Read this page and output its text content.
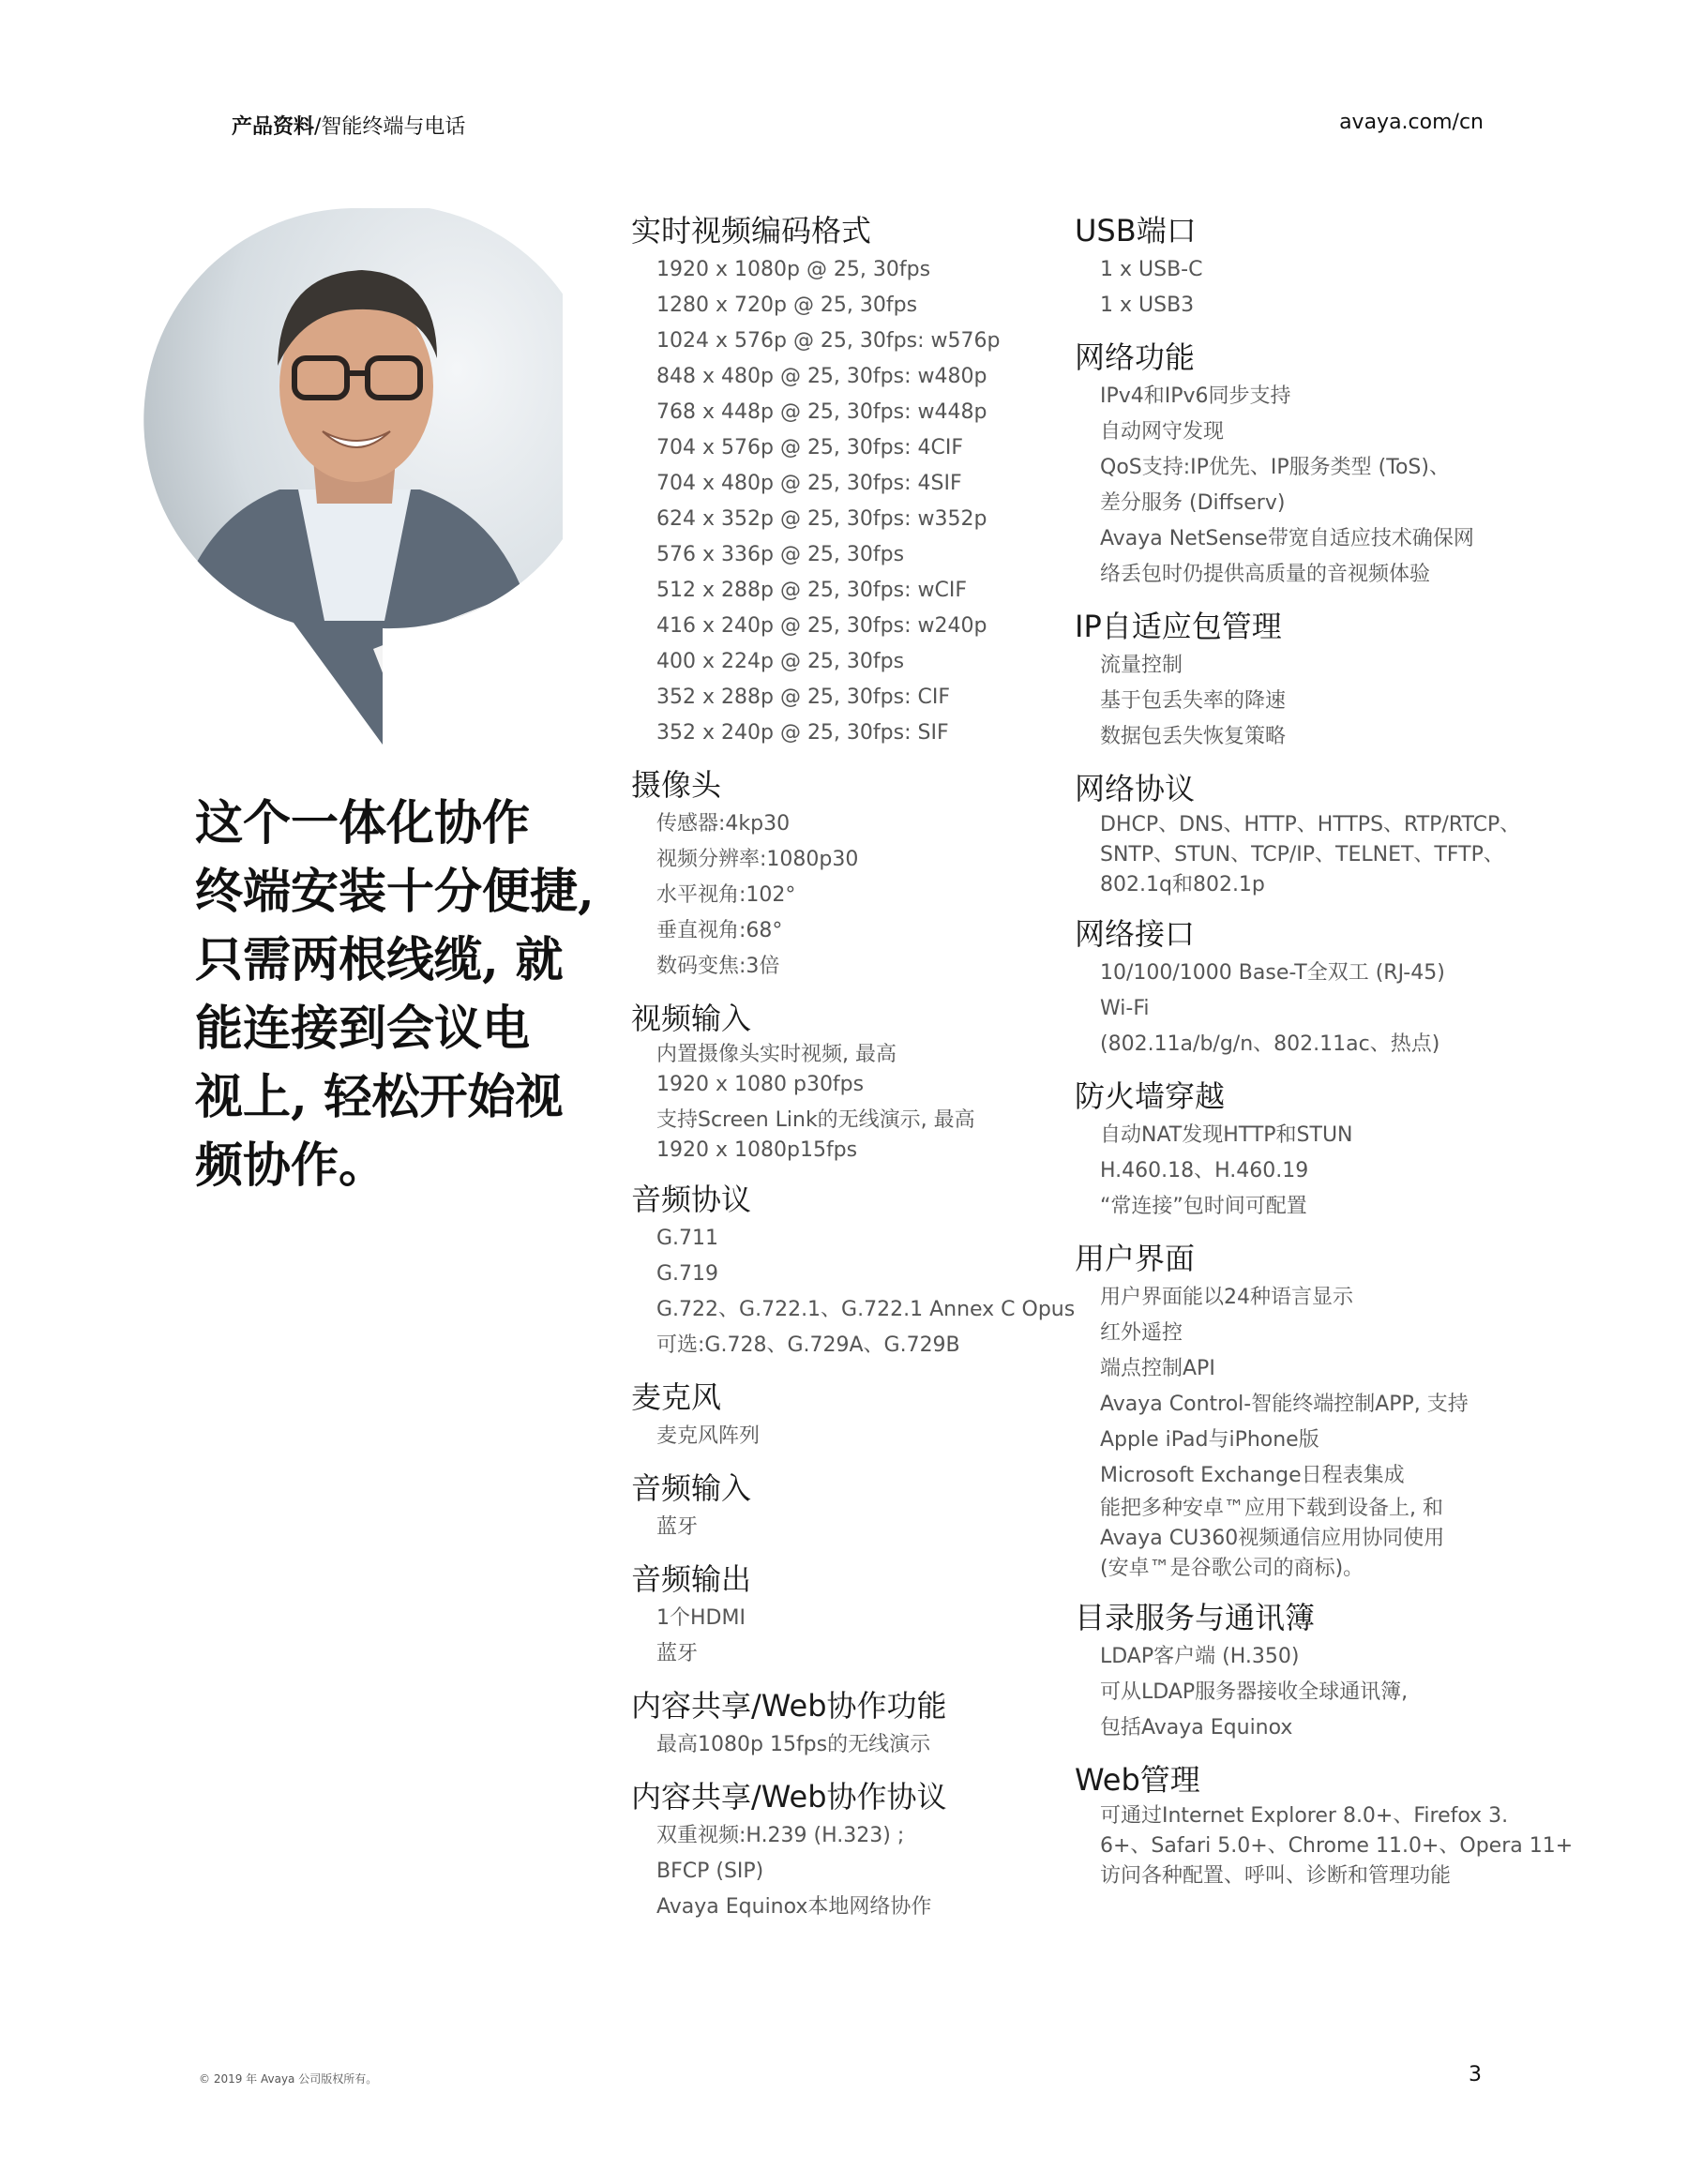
产品资料/智能终端与电话	avaya.com/cn
这个一体化协作
终端安装十分便捷,
只需两根线缆, 就
能连接到会议电
视上, 轻松开始视
频协作。
实时视频编码格式
1920 x 1080p @ 25, 30fps
1280 x 720p @ 25, 30fps
1024 x 576p @ 25, 30fps: w576p
848 x 480p @ 25, 30fps: w480p
768 x 448p @ 25, 30fps: w448p
704 x 576p @ 25, 30fps: 4CIF
704 x 480p @ 25, 30fps: 4SIF
624 x 352p @ 25, 30fps: w352p
576 x 336p @ 25, 30fps
512 x 288p @ 25, 30fps: wCIF
416 x 240p @ 25, 30fps: w240p
400 x 224p @ 25, 30fps
352 x 288p @ 25, 30fps: CIF
352 x 240p @ 25, 30fps: SIF
摄像头
传感器:4kp30
视频分辨率:1080p30
水平视角:102°
垂直视角:68°
数码变焦:3倍
视频输入
内置摄像头实时视频, 最高
1920 x 1080 p30fps
支持Screen Link的无线演示, 最高
1920 x 1080p15fps
音频协议
G.711
G.719
G.722、G.722.1、G.722.1 Annex C Opus
可选:G.728、G.729A、G.729B
麦克风
麦克风阵列
音频输入
蓝牙
音频输出
1个HDMI
蓝牙
内容共享/Web协作功能
最高1080p 15fps的无线演示
内容共享/Web协作协议
双重视频:H.239 (H.323) ;
BFCP (SIP)
Avaya Equinox本地网络协作
USB端口
1 x USB-C
1 x USB3
网络功能
IPv4和IPv6同步支持
自动网守发现
QoS支持:IP优先、IP服务类型 (ToS)、
差分服务 (Diffserv)
Avaya NetSense带宽自适应技术确保网
络丢包时仍提供高质量的音视频体验
IP自适应包管理
流量控制
基于包丢失率的降速
数据包丢失恢复策略
网络协议
DHCP、DNS、HTTP、HTTPS、RTP/RTCP、
SNTP、STUN、TCP/IP、TELNET、TFTP、
802.1q和802.1p
网络接口
10/100/1000 Base-T全双工 (RJ-45)
Wi-Fi
(802.11a/b/g/n、802.11ac、热点)
防火墙穿越
自动NAT发现HTTP和STUN
H.460.18、H.460.19
“常连接”包时间可配置
用户界面
用户界面能以24种语言显示
红外遥控
端点控制API
Avaya Control-智能终端控制APP, 支持
Apple iPad与iPhone版
Microsoft Exchange日程表集成
能把多种安卓™应用下载到设备上, 和
Avaya CU360视频通信应用协同使用
(安卓™是谷歌公司的商标)。
目录服务与通讯簿
LDAP客户端 (H.350)
可从LDAP服务器接收全球通讯簿,
包括Avaya Equinox
Web管理
可通过Internet Explorer 8.0+、Firefox 3.
6+、Safari 5.0+、Chrome 11.0+、Opera 11+
访问各种配置、呼叫、诊断和管理功能
© 2019 年 Avaya 公司版权所有。	3
